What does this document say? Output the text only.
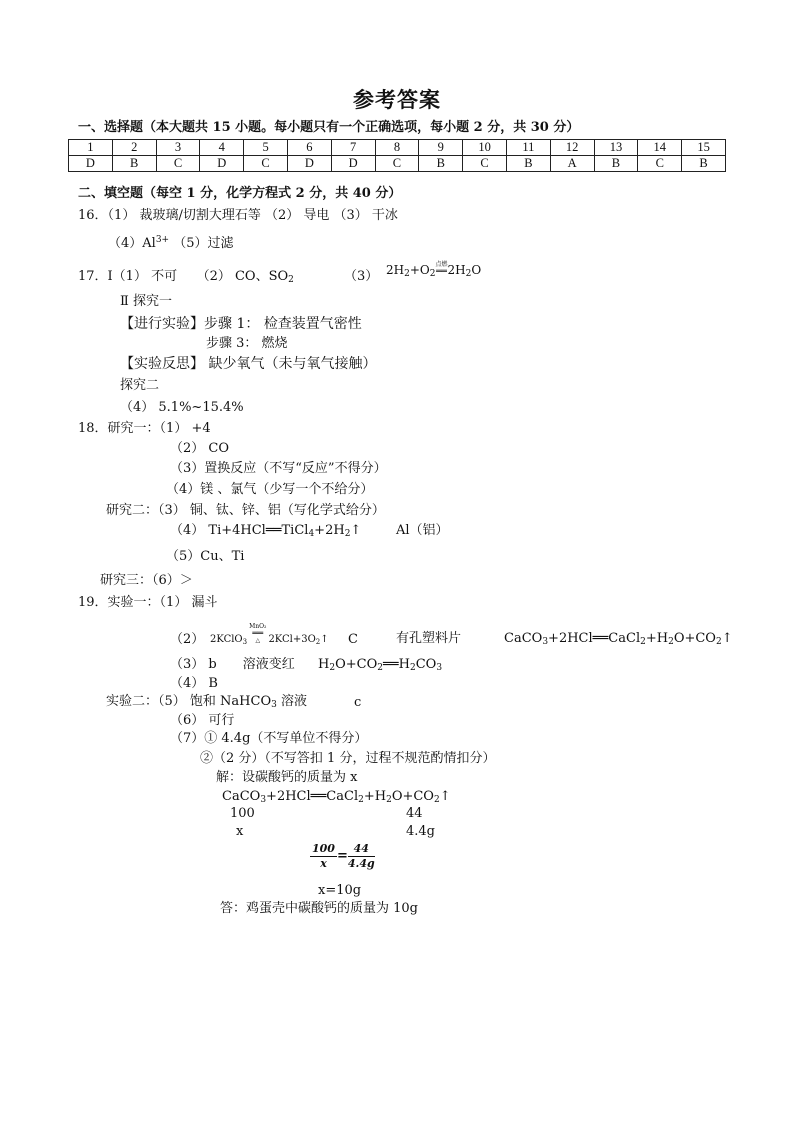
参考答案
一、选择题（本大题共 15 小题。每小题只有一个正确选项，每小题 2 分，共 30 分）
1	2	3	4	5	6	7	8	9	10	11	12	13	14	15
D	B	C	D	C	D	D	C	B	C	B	A	B	C	B
二、填空题（每空 1 分，化学方程式 2 分，共 40 分）
16．（1） 裁玻璃/切割大理石等 （2） 导电 （3） 干冰
$(4)Al^{3+}$ （5）过滤
17．Ⅰ（1） 不可　　（2） CO、$SO_2$	（3） $2H_2+O_2$
点燃
$══2H_2O$
Ⅱ 探究一
【进行实验】步骤 1： 检查装置气密性
步骤 3： 燃烧
【实验反思】 缺少氧气（未与氧气接触）
探究二
（4） 5.1%~15.4%
18．研究一：（1） +4
（2） CO
（3）置换反应（不写“反应”不得分）
（4）镁 、氯气（少写一个不给分）
研究二：（3） 铜、钛、锌、铝（写化学式给分）
（4） $Ti+4HCl══TiCl_4+2H_2↑$	Al（铝）
（5）Cu、Ti
研究三：（6）＞
19．实验一：（1） 漏斗
（2） 2KClO$_3$
MnO₂
══
△ $2KCl+3O_2↑$ C	有孔塑料片	$CaCO_3+2HCl══CaCl_2+H_2O+CO_2↑$
（3） b　　溶液变红 $H_2O+CO_2══H_2CO_3$
（4） B
实验二：（5） 饱和 NaHCO$_3$ 溶液	c
（6） 可行
（7）① 4.4g（不写单位不得分）
②（2 分）（不写答扣 1 分，过程不规范酌情扣分）
解：设碳酸钙的质量为 x
$CaCO_3+2HCl══CaCl_2+H_2O+CO_2↑$
100	44
x	4.4g
$\frac{100}{x} = \frac{44}{4.4g}$
x=10g
答：鸡蛋壳中碳酸钙的质量为 10g
